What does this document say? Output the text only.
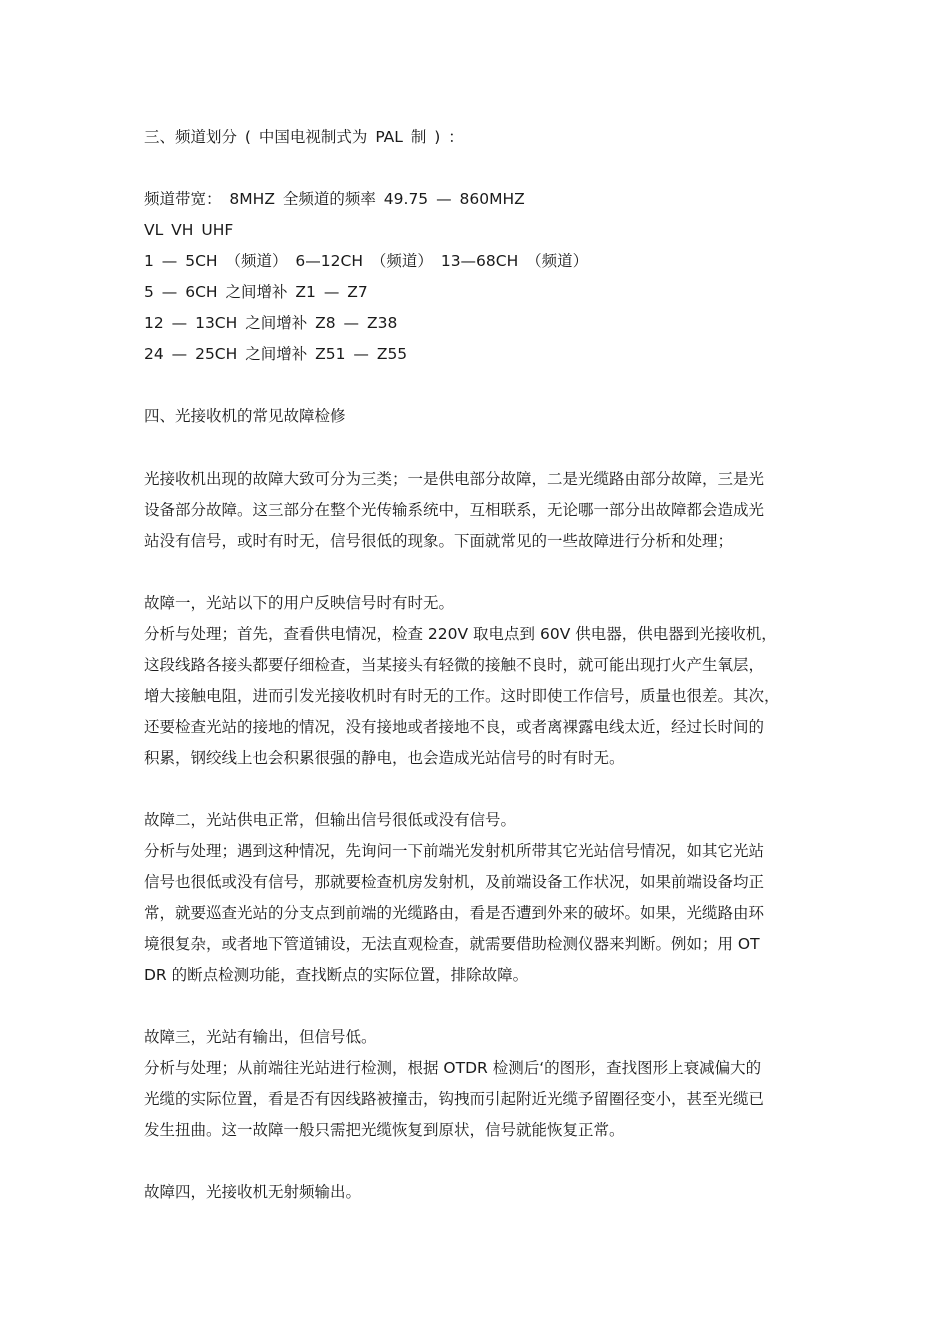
三、频道划分 ( 中国电视制式为 PAL 制 ) ：
频道带宽： 8MHZ 全频道的频率 49.75 — 860MHZ
VL VH UHF
1 — 5CH （频道） 6—12CH （频道） 13—68CH （频道）
5 — 6CH 之间增补 Z1 — Z7
12 — 13CH 之间增补 Z8 — Z38
24 — 25CH 之间增补 Z51 — Z55
四、光接收机的常见故障检修
光接收机出现的故障大致可分为三类；一是供电部分故障，二是光缆路由部分故障，三是光
设备部分故障。这三部分在整个光传输系统中，互相联系，无论哪一部分出故障都会造成光
站没有信号，或时有时无，信号很低的现象。下面就常见的一些故障进行分析和处理；
故障一，光站以下的用户反映信号时有时无。
分析与处理；首先，查看供电情况，检查 220V 取电点到 60V 供电器，供电器到光接收机，
这段线路各接头都要仔细检查，当某接头有轻微的接触不良时，就可能出现打火产生氧层，
增大接触电阻，进而引发光接收机时有时无的工作。这时即使工作信号，质量也很差。其次，
还要检查光站的接地的情况，没有接地或者接地不良，或者离裸露电线太近，经过长时间的
积累，钢绞线上也会积累很强的静电，也会造成光站信号的时有时无。
故障二，光站供电正常，但输出信号很低或没有信号。
分析与处理；遇到这种情况，先询问一下前端光发射机所带其它光站信号情况，如其它光站
信号也很低或没有信号，那就要检查机房发射机，及前端设备工作状况，如果前端设备均正
常，就要巡查光站的分支点到前端的光缆路由，看是否遭到外来的破坏。如果，光缆路由环
境很复杂，或者地下管道铺设，无法直观检查，就需要借助检测仪器来判断。例如；用 OT
DR 的断点检测功能，查找断点的实际位置，排除故障。
故障三，光站有输出，但信号低。
分析与处理；从前端往光站进行检测，根据 OTDR 检测后‘的图形，查找图形上衰减偏大的
光缆的实际位置，看是否有因线路被撞击，钩拽而引起附近光缆予留圈径变小，甚至光缆已
发生扭曲。这一故障一般只需把光缆恢复到原状，信号就能恢复正常。
故障四，光接收机无射频输出。
